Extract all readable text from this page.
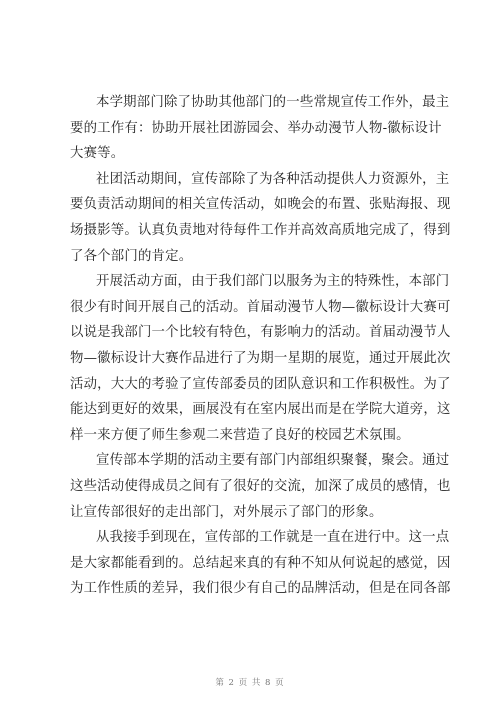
本学期部门除了协助其他部门的一些常规宣传工作外，最主
要的工作有：协助开展社团游园会、举办动漫节人物-徽标设计
大赛等。
社团活动期间，宣传部除了为各种活动提供人力资源外，主
要负责活动期间的相关宣传活动，如晚会的布置、张贴海报、现
场摄影等。认真负责地对待每件工作并高效高质地完成了，得到
了各个部门的肯定。
开展活动方面，由于我们部门以服务为主的特殊性，本部门
很少有时间开展自己的活动。首届动漫节人物—徽标设计大赛可
以说是我部门一个比较有特色，有影响力的活动。首届动漫节人
物—徽标设计大赛作品进行了为期一星期的展览，通过开展此次
活动，大大的考验了宣传部委员的团队意识和工作积极性。为了
能达到更好的效果，画展没有在室内展出而是在学院大道旁，这
样一来方便了师生参观二来营造了良好的校园艺术氛围。
宣传部本学期的活动主要有部门内部组织聚餐，聚会。通过
这些活动使得成员之间有了很好的交流，加深了成员的感情，也
让宣传部很好的走出部门，对外展示了部门的形象。
从我接手到现在，宣传部的工作就是一直在进行中。这一点
是大家都能看到的。总结起来真的有种不知从何说起的感觉，因
为工作性质的差异，我们很少有自己的品牌活动，但是在同各部
第 2 页 共 8 页
